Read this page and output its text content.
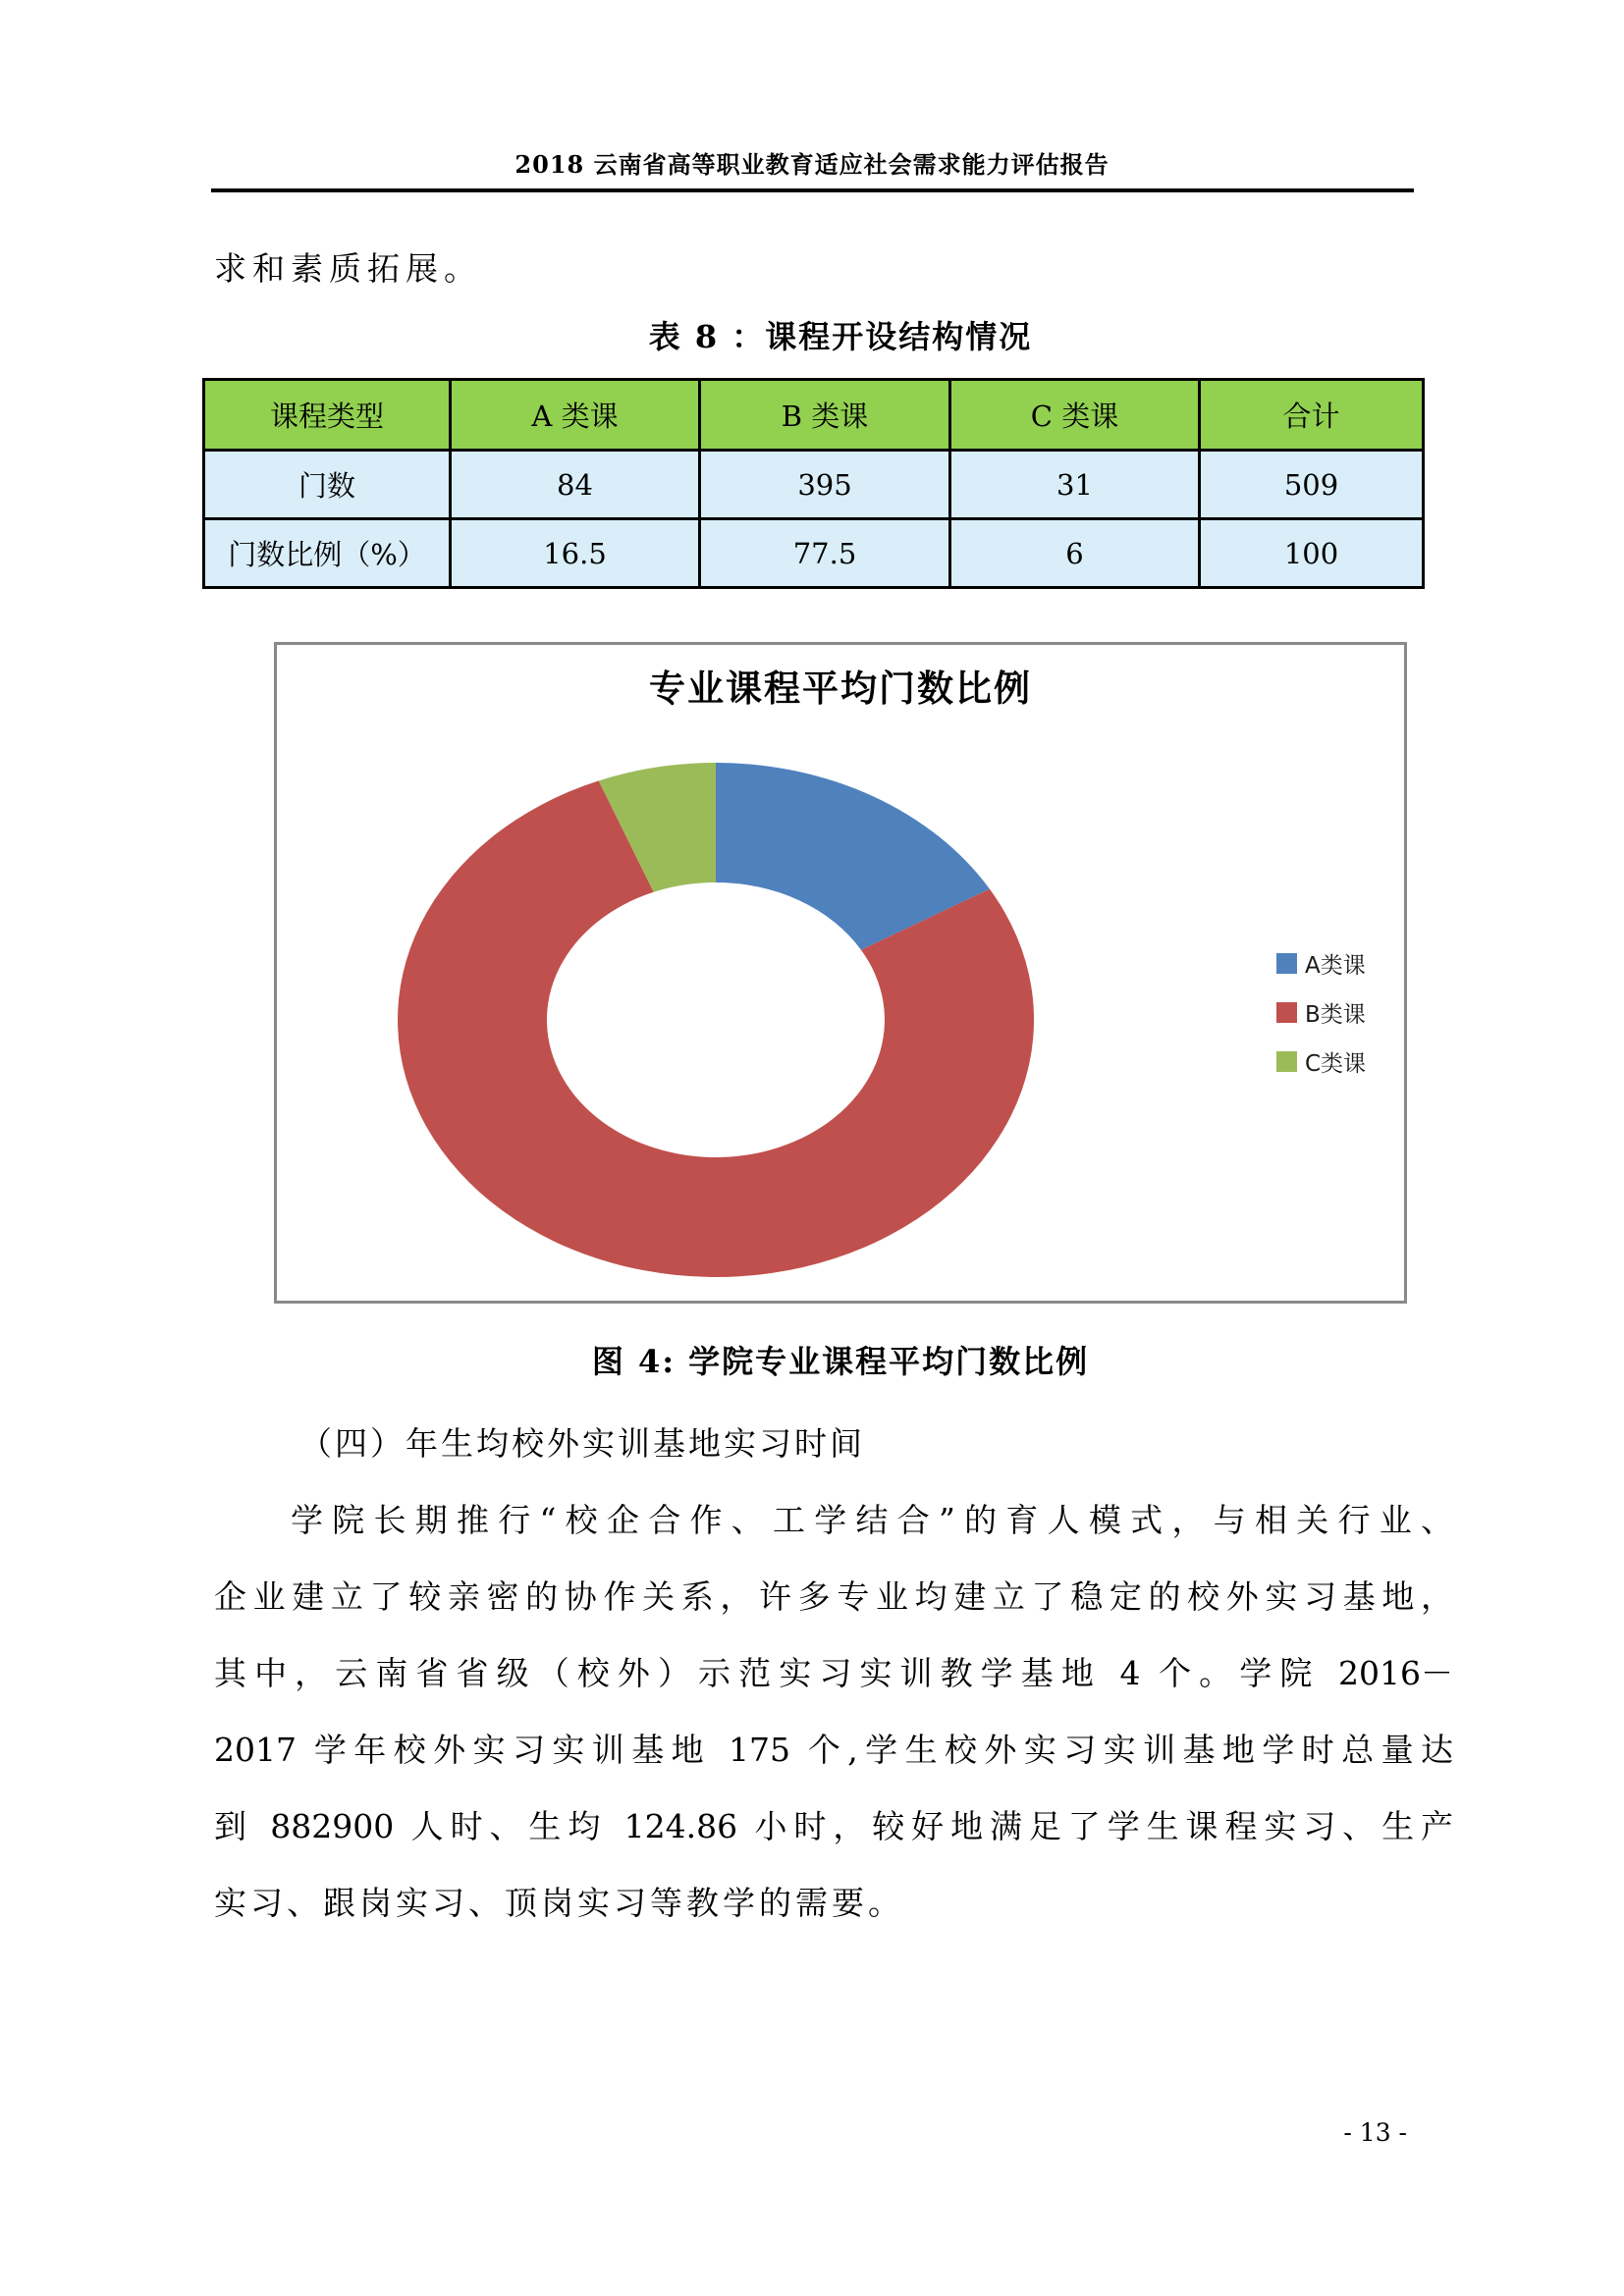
2018 云南省高等职业教育适应社会需求能力评估报告
求和素质拓展。
表 8 ：课程开设结构情况
课程类型	A 类课	B 类课	C 类课	合计
门数	84	395	31	509
门数比例（%）	16.5	77.5	6	100
专业课程平均门数比例
A类课
B类课
C类课
图 4: 学院专业课程平均门数比例
（四）年生均校外实训基地实习时间
学院长期推行“校企合作、工学结合”的育人模式，与相关行业、
企业建立了较亲密的协作关系，许多专业均建立了稳定的校外实习基地，
其中，云南省省级（校外）示范实习实训教学基地 4 个。学院 2016－
2017 学年校外实习实训基地 175 个,学生校外实习实训基地学时总量达
到 882900 人时、生均 124.86 小时，较好地满足了学生课程实习、生产
实习、跟岗实习、顶岗实习等教学的需要。
- 13 -
